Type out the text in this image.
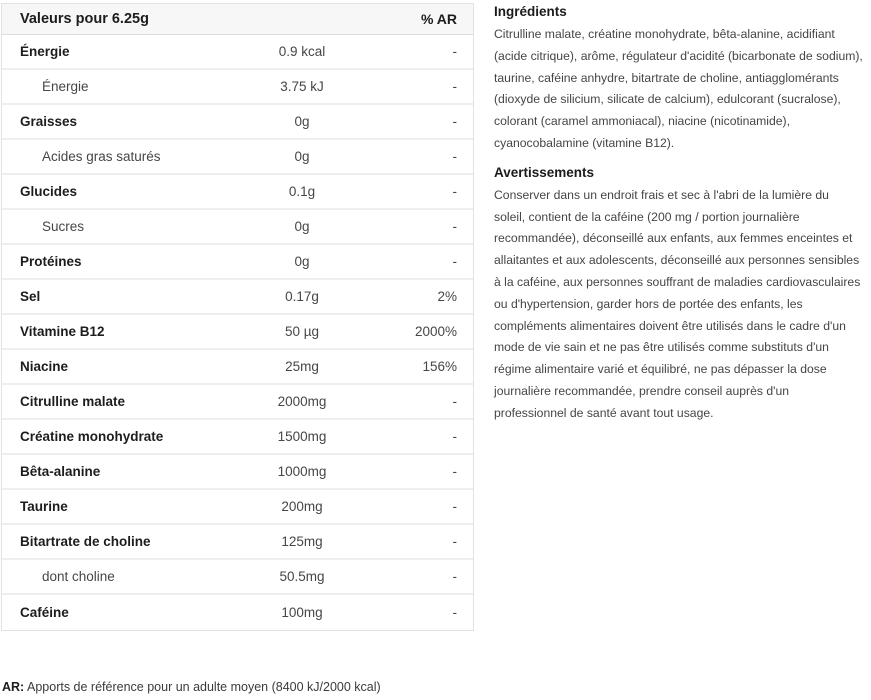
Valeurs pour 6.25g	% AR
Énergie	0.9 kcal	-
Énergie	3.75 kJ	-
Graisses	0g	-
Acides gras saturés	0g	-
Glucides	0.1g	-
Sucres	0g	-
Protéines	0g	-
Sel	0.17g	2%
Vitamine B12	50 µg	2000%
Niacine	25mg	156%
Citrulline malate	2000mg	-
Créatine monohydrate	1500mg	-
Bêta-alanine	1000mg	-
Taurine	200mg	-
Bitartrate de choline	125mg	-
dont choline	50.5mg	-
Caféine	100mg	-
AR: Apports de référence pour un adulte moyen (8400 kJ/2000 kcal)
Ingrédients

Citrulline malate, créatine monohydrate, bêta-alanine, acidifiant (acide citrique), arôme, régulateur d'acidité (bicarbonate de sodium), taurine, caféine anhydre, bitartrate de choline, antiagglomérants (dioxyde de silicium, silicate de calcium), edulcorant (sucralose), colorant (caramel ammoniacal), niacine (nicotinamide), cyanocobalamine (vitamine B12).

Avertissements

Conserver dans un endroit frais et sec à l'abri de la lumière du soleil, contient de la caféine (200 mg / portion journalière recommandée), déconseillé aux enfants, aux femmes enceintes et allaitantes et aux adolescents, déconseillé aux personnes sensibles à la caféine, aux personnes souffrant de maladies cardiovasculaires ou d'hypertension, garder hors de portée des enfants, les compléments alimentaires doivent être utilisés dans le cadre d'un mode de vie sain et ne pas être utilisés comme substituts d'un régime alimentaire varié et équilibré, ne pas dépasser la dose journalière recommandée, prendre conseil auprès d'un professionnel de santé avant tout usage.
